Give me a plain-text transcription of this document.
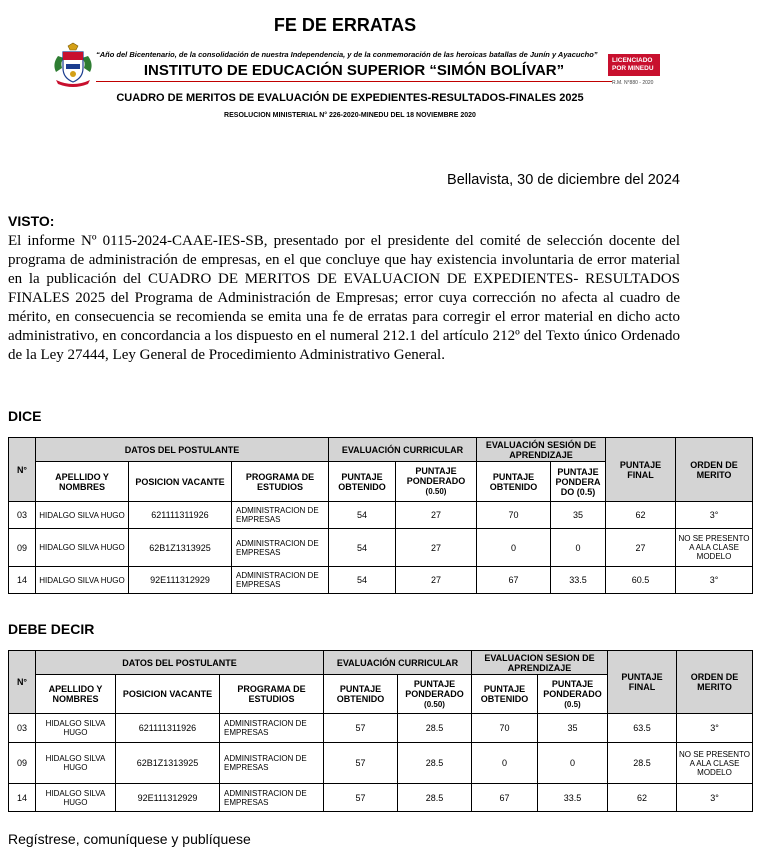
FE DE ERRATAS
“Año del Bicentenario, de la consolidación de nuestra Independencia, y de la conmemoración de las heroicas batallas de Junín y Ayacucho”
INSTITUTO DE EDUCACIÓN SUPERIOR “SIMÓN BOLÍVAR”
LICENCIADO POR MINEDU
R.M. N°880 - 2020
CUADRO DE MERITOS DE EVALUACIÓN DE EXPEDIENTES-RESULTADOS-FINALES 2025
RESOLUCION MINISTERIAL N° 226-2020-MINEDU DEL 18 NOVIEMBRE 2020
Bellavista, 30 de diciembre del 2024
VISTO:

El informe Nº 0115-2024-CAAE-IES-SB, presentado por el presidente del comité de selección docente del programa de administración de empresas, en el que concluye que hay existencia involuntaria de error material en la publicación del CUADRO DE MERITOS DE EVALUACION DE EXPEDIENTES- RESULTADOS FINALES 2025 del Programa de Administración de Empresas; error cuya corrección no afecta al cuadro de mérito, en consecuencia se recomienda se emita una fe de erratas para corregir el error material en dicho acto administrativo, en concordancia a los dispuesto en el numeral 212.1 del artículo 212º del Texto único Ordenado de la Ley 27444, Ley General de Procedimiento Administrativo General.

DICE
N°	DATOS DEL POSTULANTE			EVALUACIÓN CURRICULAR		EVALUACIÓN SESIÓN DE APRENDIZAJE		PUNTAJE FINAL	ORDEN DE MERITO
	APELLIDO Y NOMBRES	POSICION VACANTE	PROGRAMA DE ESTUDIOS	PUNTAJE OBTENIDO	PUNTAJE PONDERADO
(0.50)	PUNTAJE OBTENIDO	PUNTAJE PONDERA DO (0.5)		
03	HIDALGO SILVA HUGO	621111311926	ADMINISTRACION DE EMPRESAS	54	27	70	35	62	3°
09	HIDALGO SILVA HUGO	62B1Z1313925	ADMINISTRACION DE EMPRESAS	54	27	0	0	27	NO SE PRESENTO A ALA CLASE MODELO
14	HIDALGO SILVA HUGO	92E111312929	ADMINISTRACION DE EMPRESAS	54	27	67	33.5	60.5	3°
DEBE DECIR
N°	DATOS DEL POSTULANTE			EVALUACIÓN CURRICULAR		EVALUACION SESION DE APRENDIZAJE		PUNTAJE FINAL	ORDEN DE MERITO
	APELLIDO Y NOMBRES	POSICION VACANTE	PROGRAMA DE ESTUDIOS	PUNTAJE OBTENIDO	PUNTAJE PONDERADO
(0.50)	PUNTAJE OBTENIDO	PUNTAJE PONDERADO
(0.5)		
03	HIDALGO SILVA HUGO	621111311926	ADMINISTRACION DE EMPRESAS	57	28.5	70	35	63.5	3°
09	HIDALGO SILVA HUGO	62B1Z1313925	ADMINISTRACION DE EMPRESAS	57	28.5	0	0	28.5	NO SE PRESENTO A ALA CLASE MODELO
14	HIDALGO SILVA HUGO	92E111312929	ADMINISTRACION DE EMPRESAS	57	28.5	67	33.5	62	3°
Regístrese, comuníquese y publíquese
